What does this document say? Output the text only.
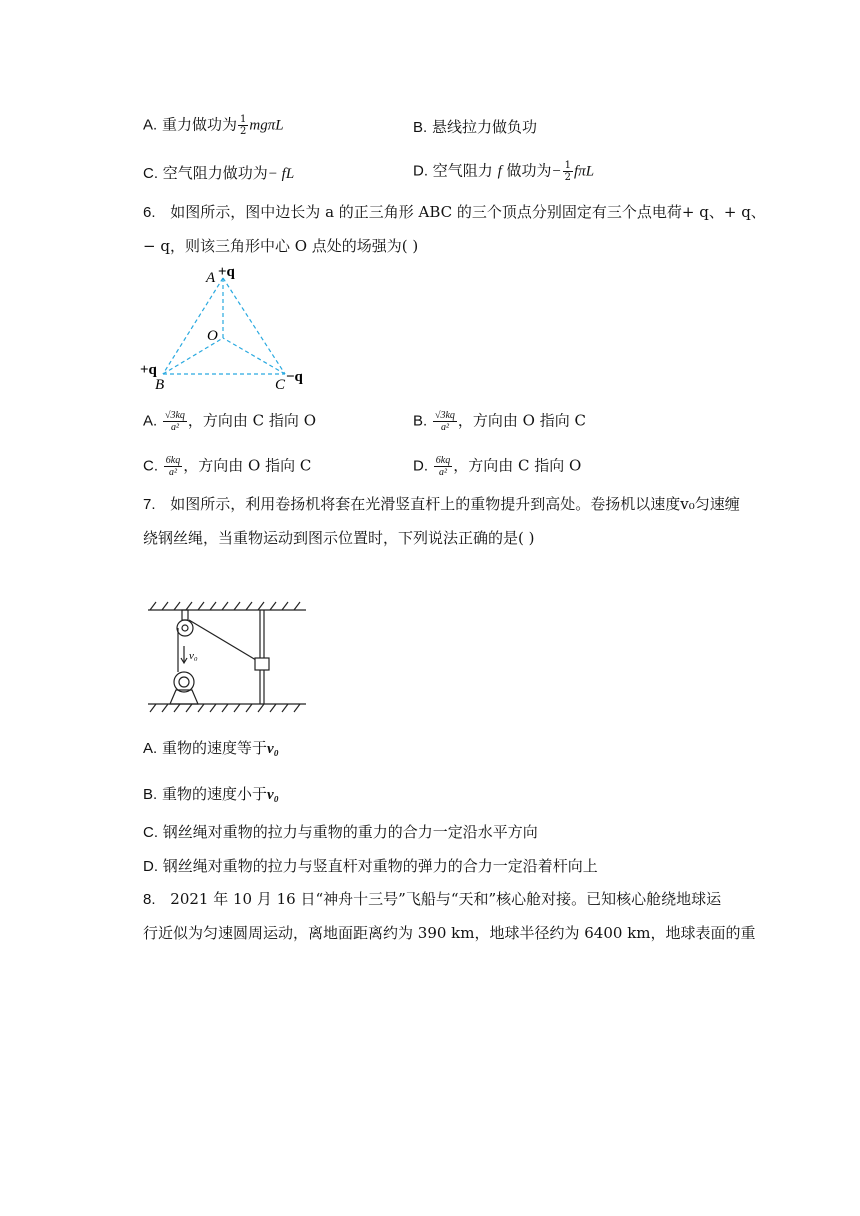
A. 重力做功为 $\frac{1}{2}$ mgπL	B. 悬线拉力做负功
C. 空气阻力做功为− fL	D. 空气阻力 f 做功为− $\frac{1}{2}$ fπL
6. 如图所示，图中边长为 a 的正三角形 ABC 的三个顶点分别固定有三个点电荷+ q、+ q、
− q，则该三角形中心 O 点处的场强为( )
A +q
O
+q
B	C −q
A. $\frac{√3kq}{\text{a²}}$ ，方向由 C 指向 O	B. $\frac{√3kq}{\text{a²}}$ ，方向由 O 指向 C
C. $\frac{6kq}{\text{a²}}$ ，方向由 O 指向 C	D. $\frac{6kq}{\text{a²}}$ ，方向由 C 指向 O
7. 如图所示，利用卷扬机将套在光滑竖直杆上的重物提升到高处。卷扬机以速度v₀匀速缠
绕钢丝绳，当重物运动到图示位置时，下列说法正确的是( )
v₀
A. 重物的速度等于v₀
B. 重物的速度小于v₀
C. 钢丝绳对重物的拉力与重物的重力的合力一定沿水平方向
D. 钢丝绳对重物的拉力与竖直杆对重物的弹力的合力一定沿着杆向上
8. 2021 年 10 月 16 日“神舟十三号”飞船与“天和”核心舱对接。已知核心舱绕地球运
行近似为匀速圆周运动，离地面距离约为 390 km，地球半径约为 6400 km，地球表面的重
